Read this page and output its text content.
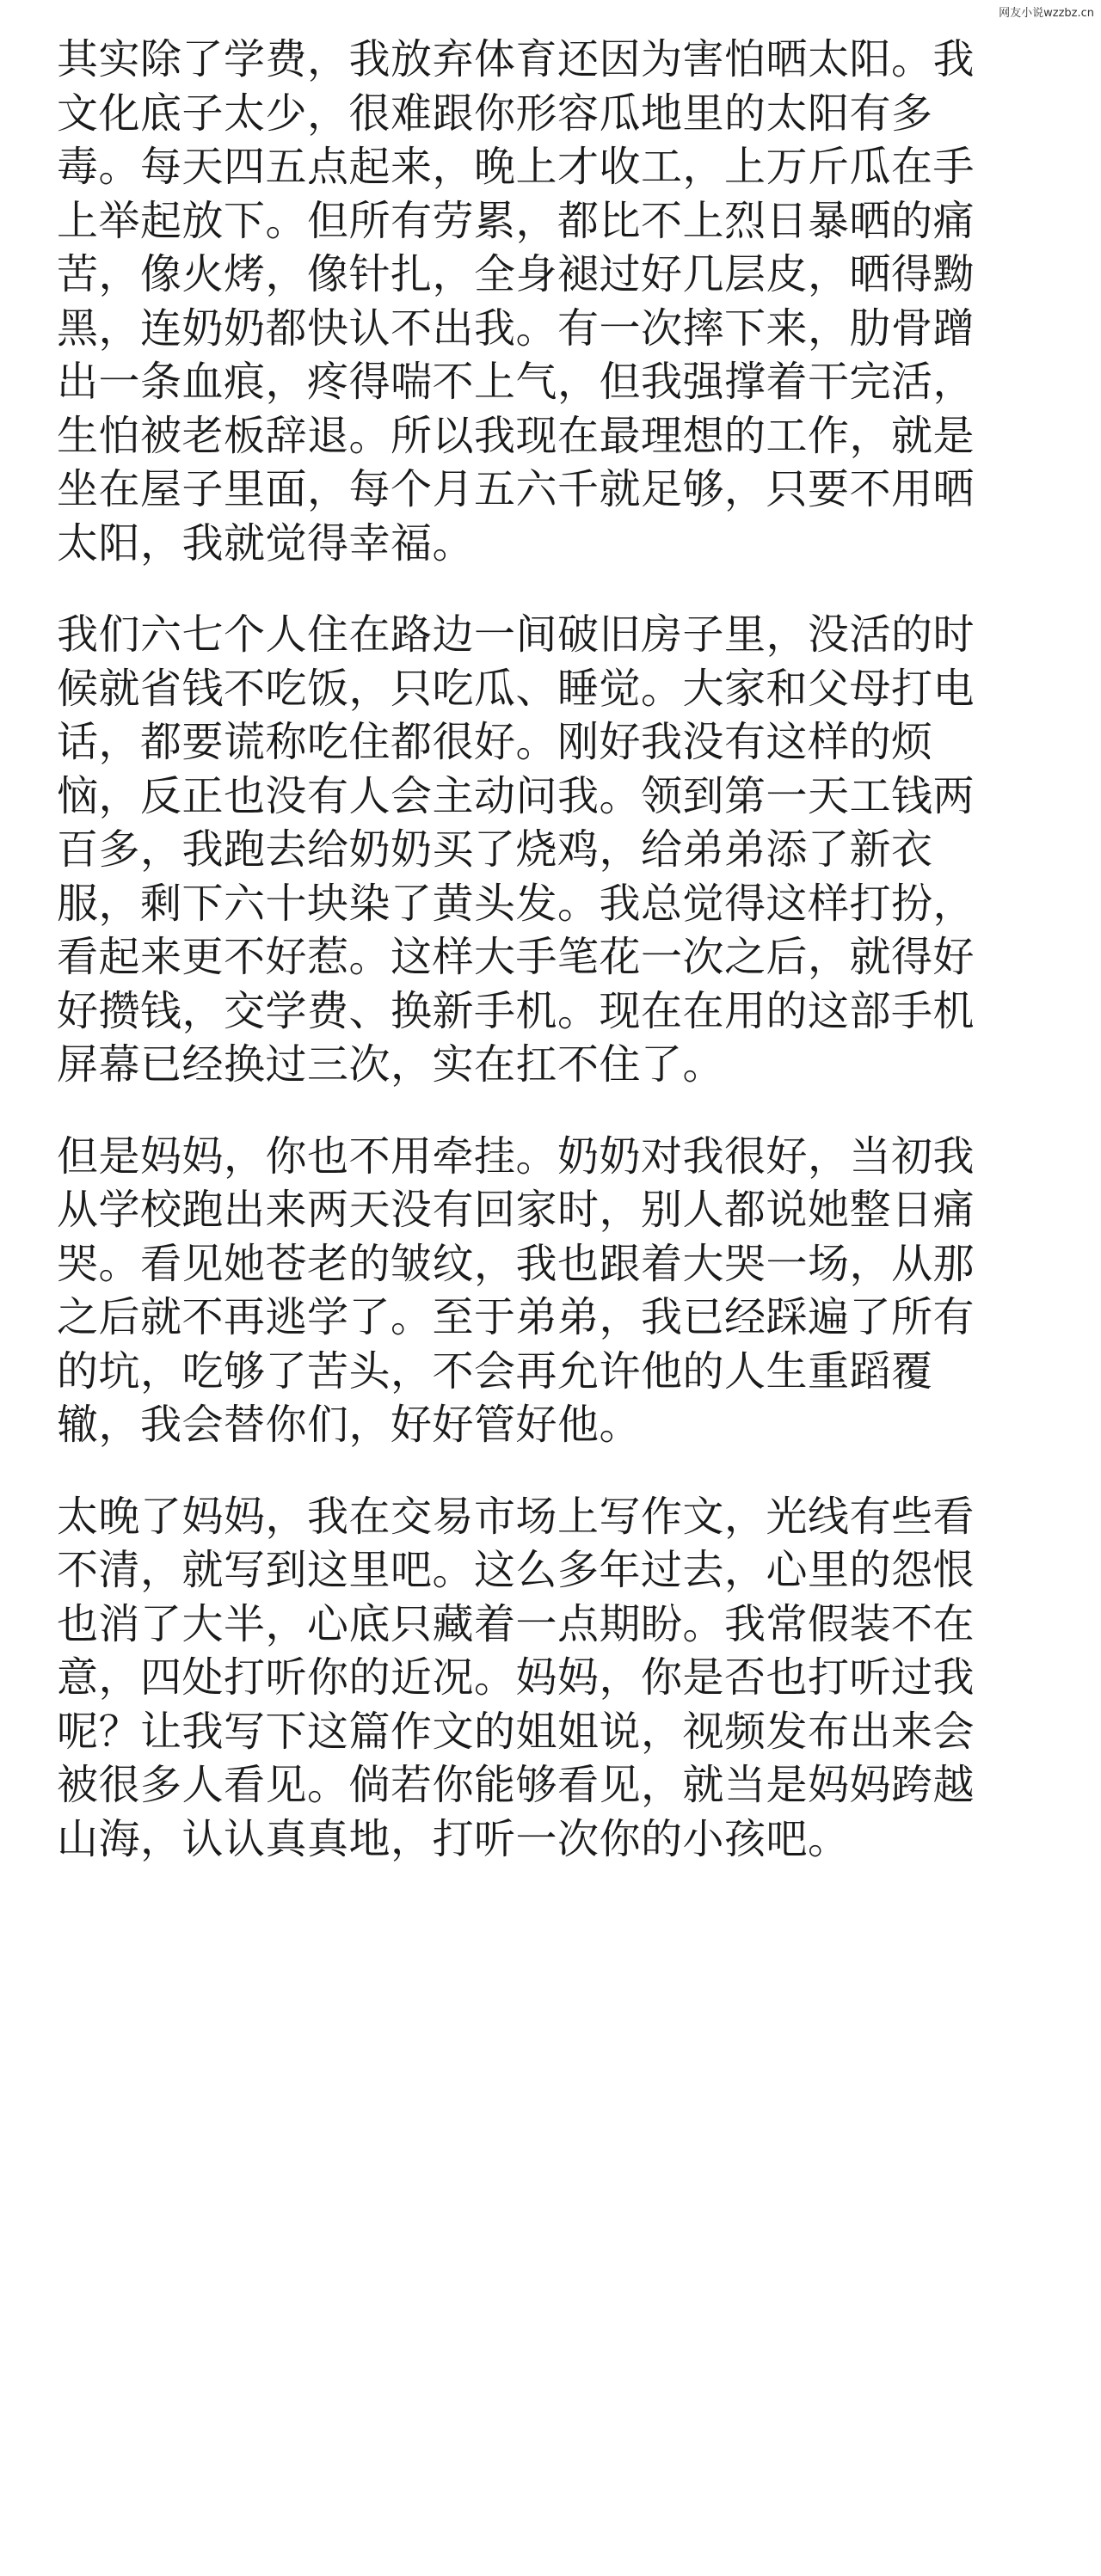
网友小说wzzbz.cn
其实除了学费，我放弃体育还因为害怕晒太阳。我
文化底子太少，很难跟你形容瓜地里的太阳有多
毒。每天四五点起来，晚上才收工，上万斤瓜在手
上举起放下。但所有劳累，都比不上烈日暴晒的痛
苦，像火烤，像针扎，全身褪过好几层皮，晒得黝
黑，连奶奶都快认不出我。有一次摔下来，肋骨蹭
出一条血痕，疼得喘不上气，但我强撑着干完活，
生怕被老板辞退。所以我现在最理想的工作，就是
坐在屋子里面，每个月五六千就足够，只要不用晒
太阳，我就觉得幸福。
我们六七个人住在路边一间破旧房子里，没活的时
候就省钱不吃饭，只吃瓜、睡觉。大家和父母打电
话，都要谎称吃住都很好。刚好我没有这样的烦
恼，反正也没有人会主动问我。领到第一天工钱两
百多，我跑去给奶奶买了烧鸡，给弟弟添了新衣
服，剩下六十块染了黄头发。我总觉得这样打扮，
看起来更不好惹。这样大手笔花一次之后，就得好
好攒钱，交学费、换新手机。现在在用的这部手机
屏幕已经换过三次，实在扛不住了。
但是妈妈，你也不用牵挂。奶奶对我很好，当初我
从学校跑出来两天没有回家时，别人都说她整日痛
哭。看见她苍老的皱纹，我也跟着大哭一场，从那
之后就不再逃学了。至于弟弟，我已经踩遍了所有
的坑，吃够了苦头，不会再允许他的人生重蹈覆
辙，我会替你们，好好管好他。
太晚了妈妈，我在交易市场上写作文，光线有些看
不清，就写到这里吧。这么多年过去，心里的怨恨
也消了大半，心底只藏着一点期盼。我常假装不在
意，四处打听你的近况。妈妈，你是否也打听过我
呢？让我写下这篇作文的姐姐说，视频发布出来会
被很多人看见。倘若你能够看见，就当是妈妈跨越
山海，认认真真地，打听一次你的小孩吧。
